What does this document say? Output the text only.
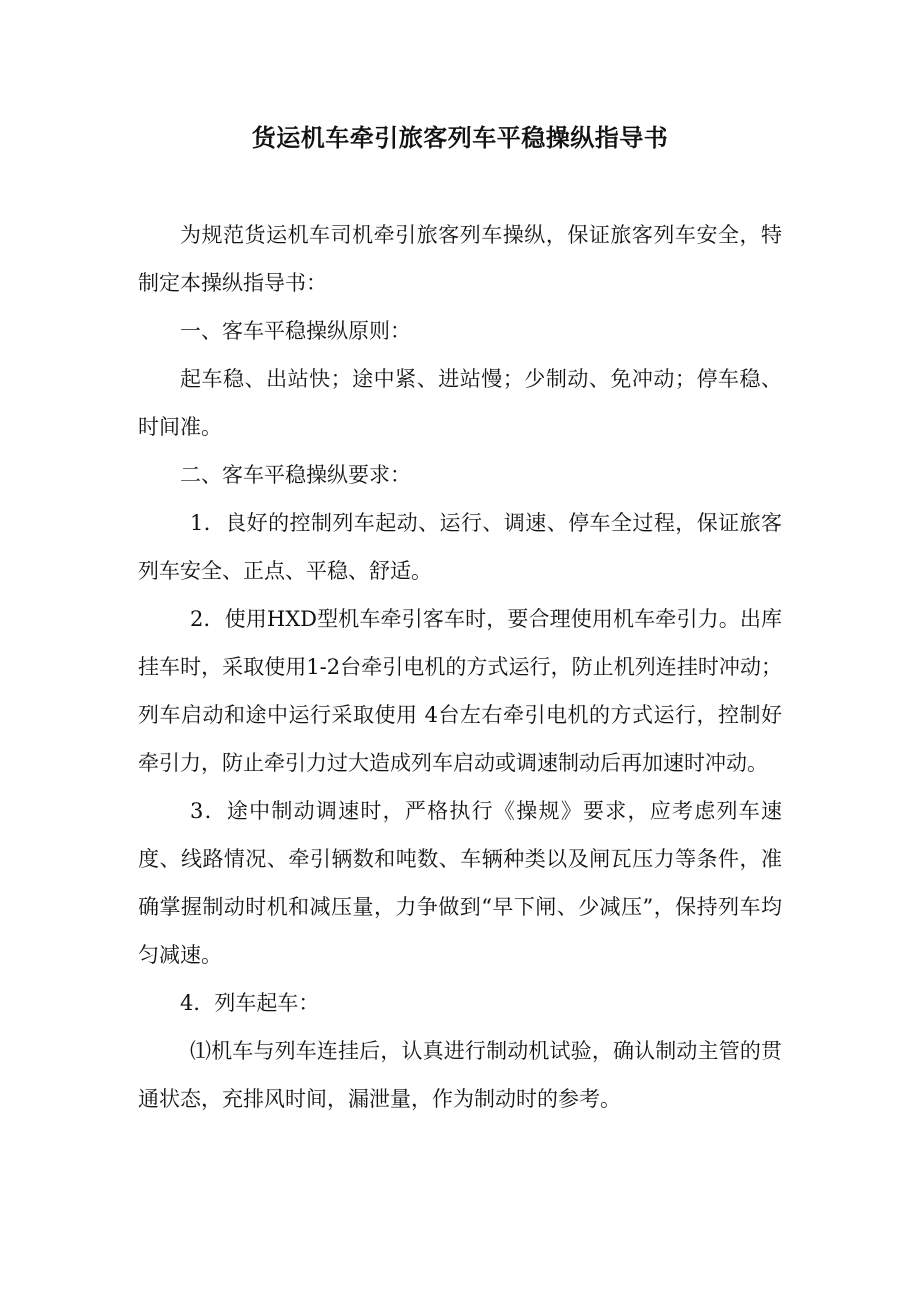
货运机车牵引旅客列车平稳操纵指导书

为规范货运机车司机牵引旅客列车操纵，保证旅客列车安全，特制定本操纵指导书：

一、客车平稳操纵原则：

起车稳、出站快；途中紧、进站慢；少制动、免冲动；停车稳、时间准。

二、客车平稳操纵要求：

1．良好的控制列车起动、运行、调速、停车全过程，保证旅客列车安全、正点、平稳、舒适。

2．使用HXD型机车牵引客车时，要合理使用机车牵引力。出库挂车时，采取使用1-2台牵引电机的方式运行，防止机列连挂时冲动；列车启动和途中运行采取使用 4台左右牵引电机的方式运行，控制好牵引力，防止牵引力过大造成列车启动或调速制动后再加速时冲动。

3．途中制动调速时，严格执行《操规》要求，应考虑列车速度、线路情况、牵引辆数和吨数、车辆种类以及闸瓦压力等条件，准确掌握制动时机和减压量，力争做到“早下闸、少减压”，保持列车均匀减速。

4．列车起车：

⑴机车与列车连挂后，认真进行制动机试验，确认制动主管的贯通状态，充排风时间，漏泄量，作为制动时的参考。
